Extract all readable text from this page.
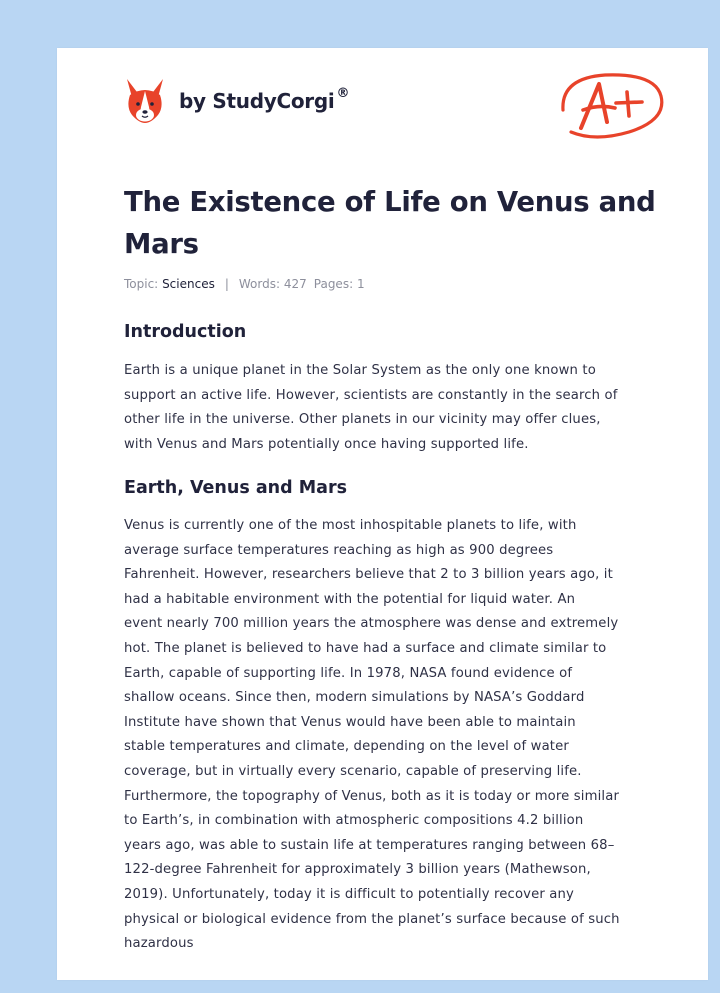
by StudyCorgi ®
The Existence of Life on Venus and Mars
Topic: Sciences | Words: 427 Pages: 1
Introduction
Earth is a unique planet in the Solar System as the only one known to
support an active life. However, scientists are constantly in the search of
other life in the universe. Other planets in our vicinity may offer clues,
with Venus and Mars potentially once having supported life.
Earth, Venus and Mars
Venus is currently one of the most inhospitable planets to life, with
average surface temperatures reaching as high as 900 degrees
Fahrenheit. However, researchers believe that 2 to 3 billion years ago, it
had a habitable environment with the potential for liquid water. An
event nearly 700 million years the atmosphere was dense and extremely
hot. The planet is believed to have had a surface and climate similar to
Earth, capable of supporting life. In 1978, NASA found evidence of
shallow oceans. Since then, modern simulations by NASA’s Goddard
Institute have shown that Venus would have been able to maintain
stable temperatures and climate, depending on the level of water
coverage, but in virtually every scenario, capable of preserving life.
Furthermore, the topography of Venus, both as it is today or more similar
to Earth’s, in combination with atmospheric compositions 4.2 billion
years ago, was able to sustain life at temperatures ranging between 68–
122-degree Fahrenheit for approximately 3 billion years (Mathewson,
2019). Unfortunately, today it is difficult to potentially recover any
physical or biological evidence from the planet’s surface because of such
hazardous
